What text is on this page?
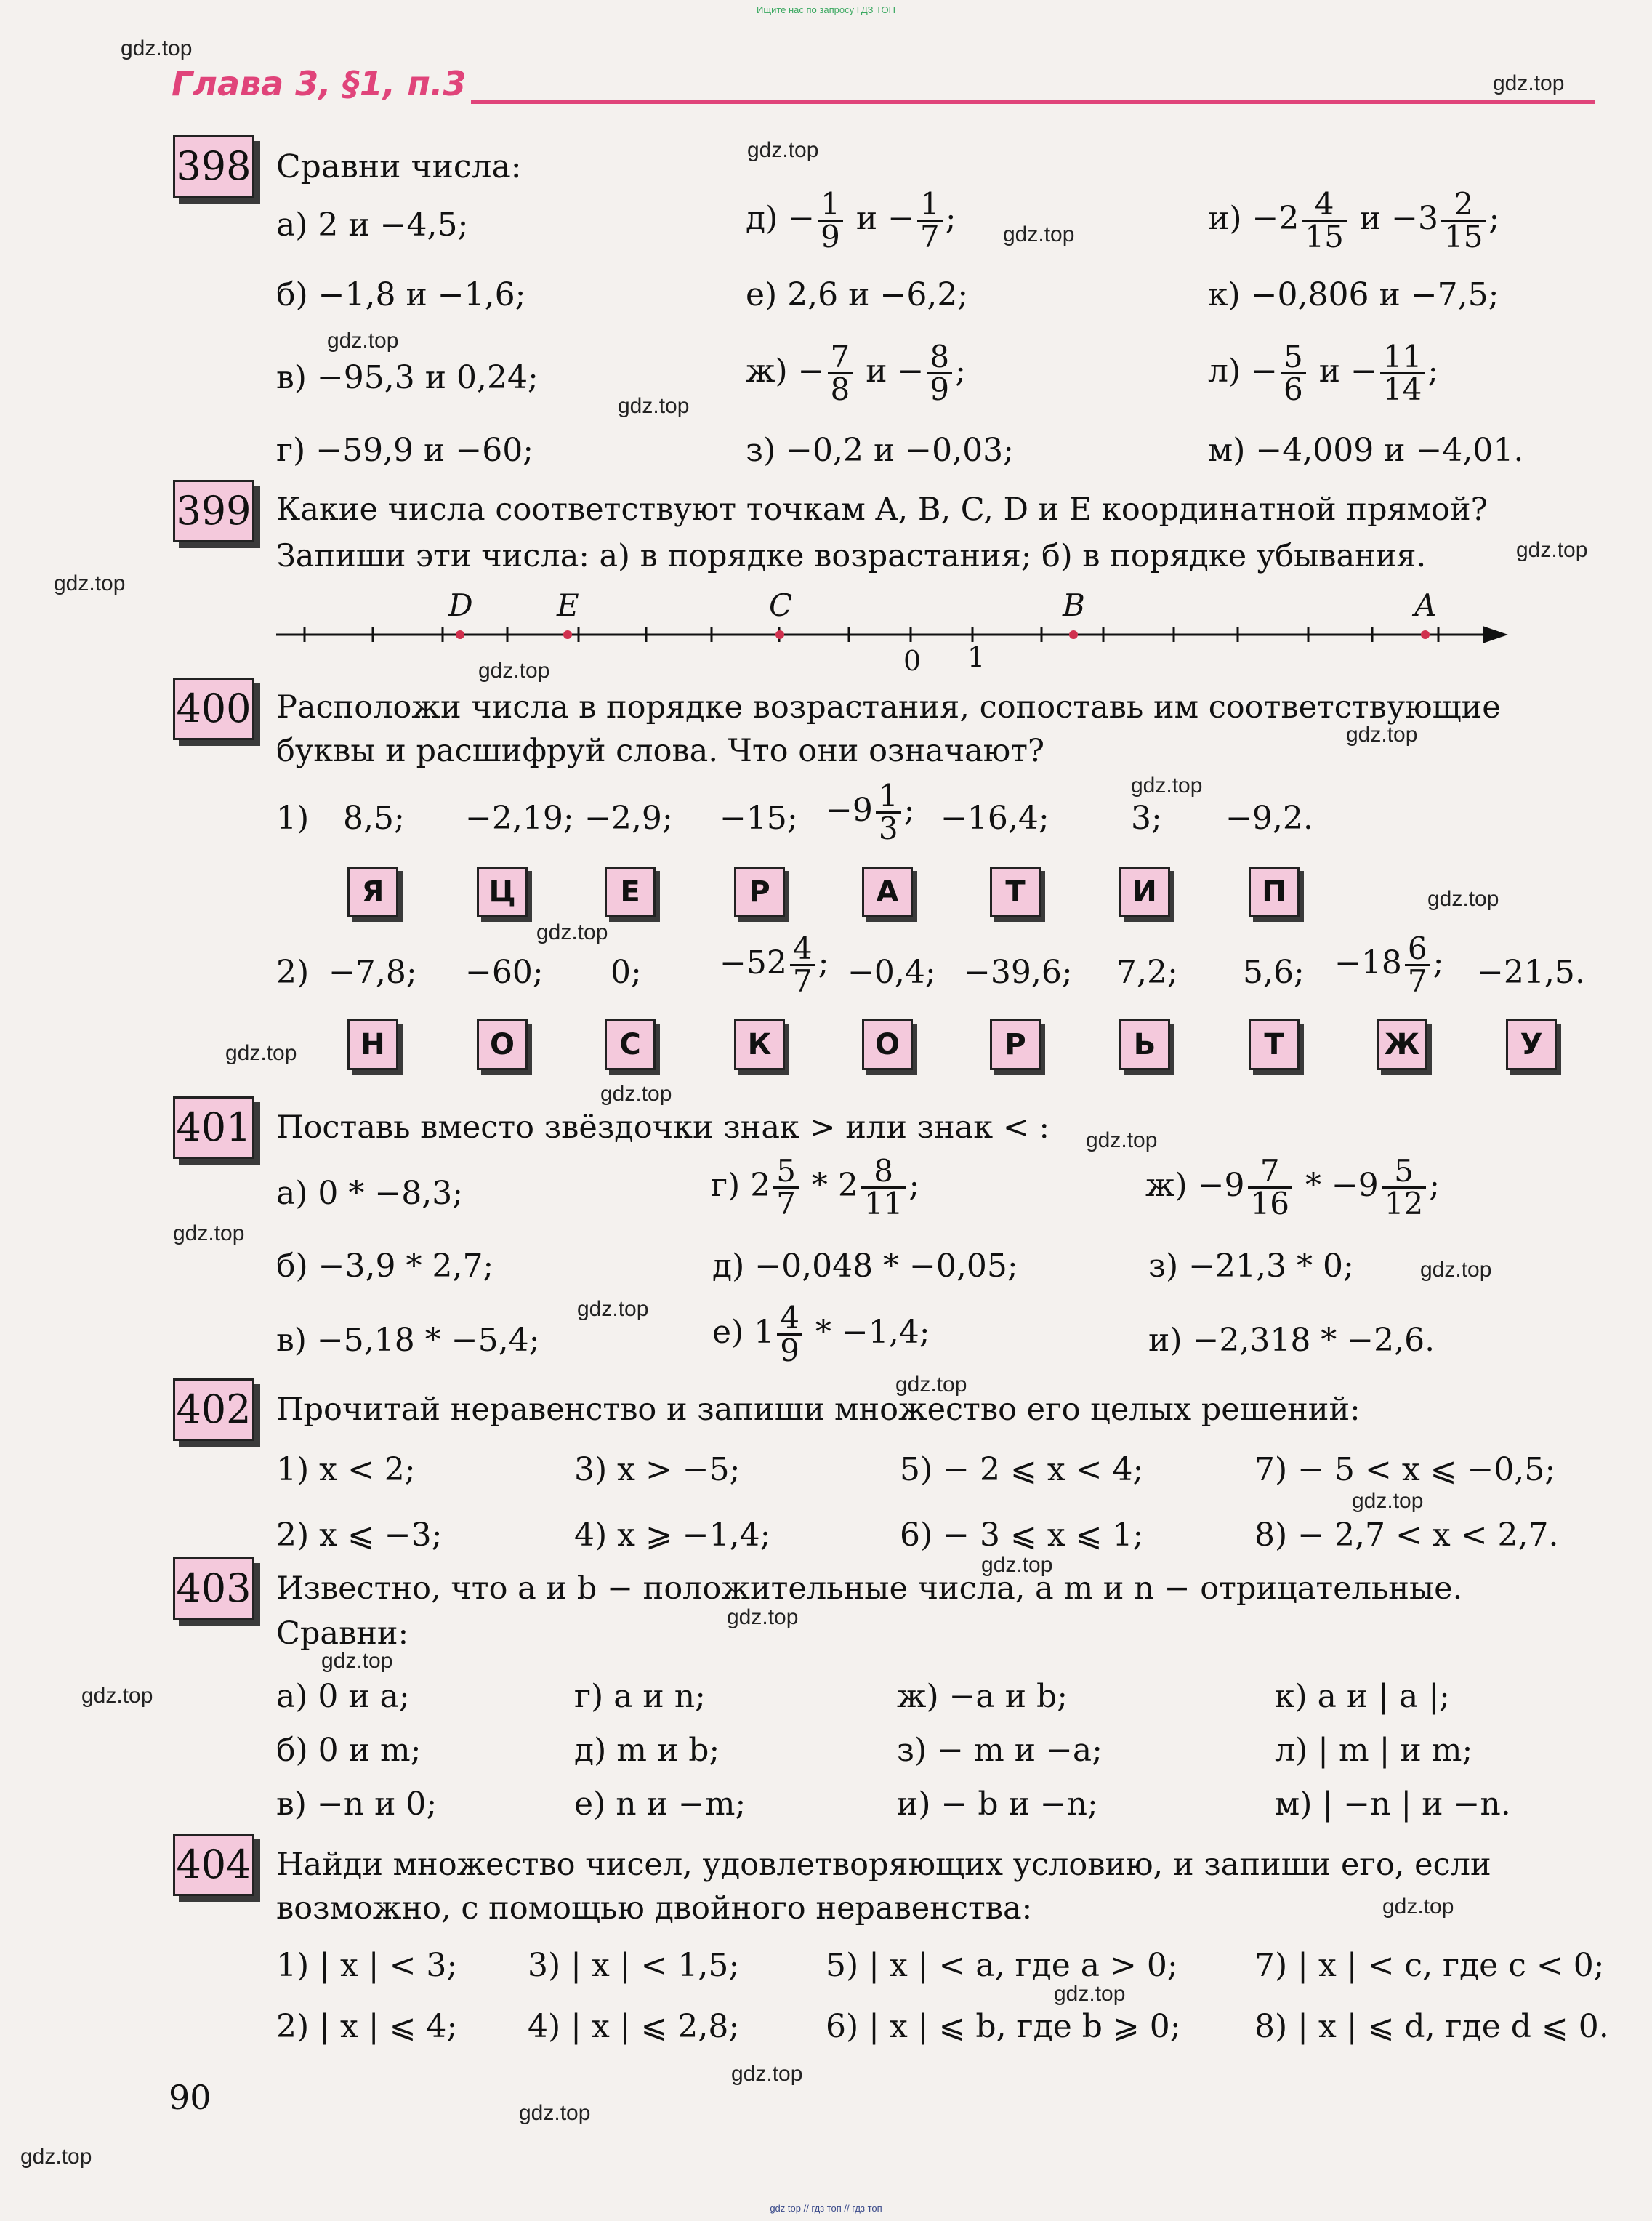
Ищите нас по запросу ГДЗ ТОП
Глава 3, §1, п.3
398 Сравни числа:
а) 2 и −4,5;
б) −1,8 и −1,6;
в) −95,3 и 0,24;
г) −59,9 и −60;
$д) - \frac{1}{9}$ $и - \frac{1}{7}$ ;
е) 2,6 и −6,2;
$ж) - \frac{7}{8}$ $и - \frac{8}{9}$ ;
з) −0,2 и −0,03;
$и) -2 \frac{4}{15}$ $и -3 \frac{2}{15}$ ;
к) −0,806 и −7,5;
$л) - \frac{5}{6}$ $и - \frac{11}{14}$ ;
м) −4,009 и −4,01.
399 Какие числа соответствуют точкам A, B, C, D и E координатной прямой?
Запиши эти числа: а) в порядке возрастания; б) в порядке убывания.
D	E	C	B	A
0 1
400 Расположи числа в порядке возрастания, сопоставь им соответствующие
буквы и расшифруй слова. Что они означают?
1) 8,5; −2,19; −2,9; −15; $-9 \frac{1}{3}$ ; −16,4;	3; −9,2.
Я	Ц	Е	Р	А	Т	И	П
2) −7,8; −60; 0; $-52 \frac{4}{7}$ ; −0,4; −39,6; 7,2; 5,6; $-18 \frac{6}{7}$ ; −21,5.
Н	О	С	К	О	Р	Ь	Т	Ж	У
401 Поставь вместо звёздочки знак > или знак < :
а) 0 * −8,3;
б) −3,9 * 2,7;
в) −5,18 * −5,4;
г) $2 \frac{5}{7} * 2 \frac{8}{11}$ ;
д) −0,048 * −0,05;
е) $1 \frac{4}{9} * -1,4$;
$ж) -9 \frac{7}{16} * -9 \frac{5}{12}$ ;
з) −21,3 * 0;
и) −2,318 * −2,6.
402 Прочитай неравенство и запиши множество его целых решений:
1) x < 2;	3) x > −5;	5) − 2 ⩽ x < 4;	7) − 5 < x ⩽ −0,5;
2) x ⩽ −3;	4) x ⩾ −1,4;	6) − 3 ⩽ x ⩽ 1;	8) − 2,7 < x < 2,7.
403 Известно, что a и b − положительные числа, а m и n − отрицательные.
Сравни:
а) 0 и a;	г) a и n;	ж) −a и b;	к) a и | a |;
б) 0 и m;	д) m и b;	з) − m и −a;	л) | m | и m;
в) −n и 0;	е) n и −m;	и) − b и −n;	м) | −n | и −n.
404 Найди множество чисел, удовлетворяющих условию, и запиши его, если
возможно, с помощью двойного неравенства:
1) | x | < 3; 3) | x | < 1,5;	5) | x | < a, где a > 0; 7) | x | < c, где c < 0;
2) | x | ⩽ 4; 4) | x | ⩽ 2,8;	6) | x | ⩽ b, где b ⩾ 0; 8) | x | ⩽ d, где d ⩽ 0.
90
gdz.top
gdz.top
gdz.top
gdz.top
gdz.top
gdz.top
gdz.top
gdz.top
gdz.top
gdz.top
gdz.top
gdz.top
gdz.top
gdz.top
gdz.top
gdz.top
gdz.top
gdz.top
gdz.top
gdz.top
gdz.top
gdz.top
gdz.top
gdz.top
gdz.top
gdz.top
gdz.top
gdz.top
gdz.top
gdz.top
gdz top // гдз топ // гдз топ
